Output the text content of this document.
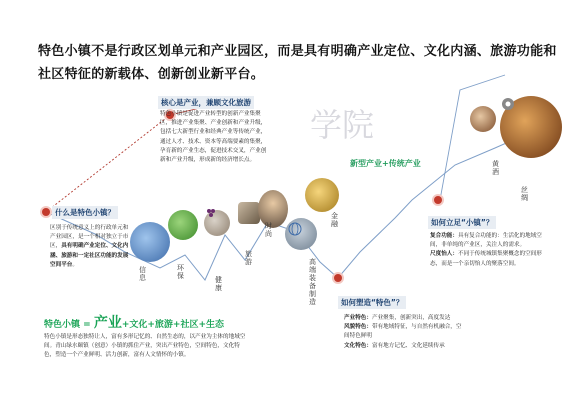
特色小镇不是行政区划单元和产业园区，而是具有明确产业定位、文化内涵、旅游功能和社区特征的新载体、创新创业新平台。
学院
核心是产业，兼顾文化旅游
特色小镇是促进产业转型的创新产业集聚区，推进产业集聚、产业创新和产业升级，包括七大新型行业和经典产业等传统产业，通过人才、技术、资本等高端要素的集聚，孕育新的产业生态，促进技术交叉，产业创新和产业升级，形成新的经济增长点。
什么是特色小镇？
区别于传统意义上的行政单元和产业园区，是一个相对独立于市区，具有明确产业定位、文化内涵、旅游和一定社区功能的发展空间平台。
新型产业+传统产业
如何立足“小镇”？

复合功能：具有复合功能的：生活化的地域空间，非单纯的产业区，关注人的需求。

尺度怡人：不同于传统城镇集聚概念的空间形态，而是一个亲切怡人的聚落空间。

如何塑造“特色”？

产业特色：产业聚集，创新突出，高度发达

风貌特色：带有地域特征，与自然有机融合，空间特色鲜明

文化特色：富有地方记忆、文化延续传承

特色小镇 = 产业+文化+旅游+社区+生态
特色小镇是形态独特让人，富有多形记忆的、自然生态的，以产业为主体的地域空间。青山绿水颐镇（创意）小镇的抓住产业，突出产业特色，空间特色，文化特色，塑造一个产业鲜明、活力创新，富有人文情怀的小镇。
信息
环保	健康
旅游
时尚
金融
高端装备制造
黄酒
丝绸
